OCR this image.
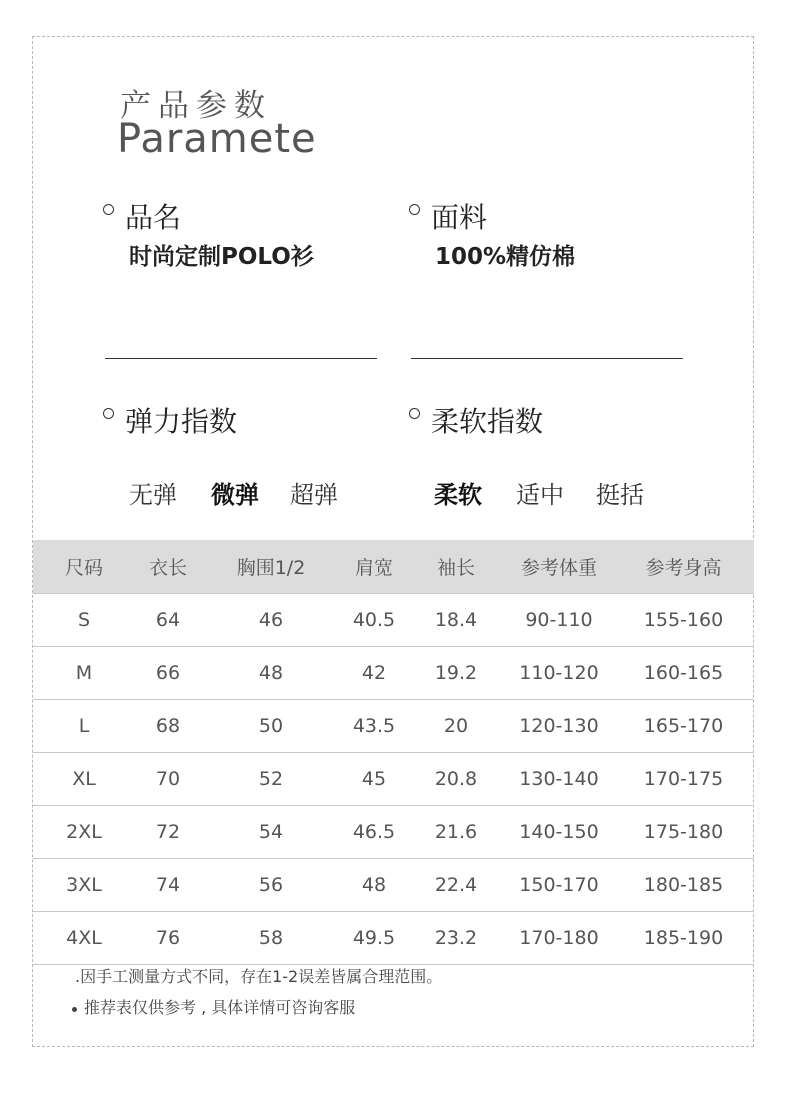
产品参数
Paramete
品名
时尚定制POLO衫
面料
100%精仿棉
弹力指数
无弹 微弹 超弹
柔软指数
柔软 适中 挺括
尺码	衣长	胸围1/2	肩宽	袖长	参考体重	参考身高
S	64	46	40.5	18.4	90-110	155-160
M	66	48	42	19.2	110-120	160-165
L	68	50	43.5	20	120-130	165-170
XL	70	52	45	20.8	130-140	170-175
2XL	72	54	46.5	21.6	140-150	175-180
3XL	74	56	48	22.4	150-170	180-185
4XL	76	58	49.5	23.2	170-180	185-190
.因手工测量方式不同，存在1-2误差皆属合理范围。
推荐表仅供参考 , 具体详情可咨询客服
